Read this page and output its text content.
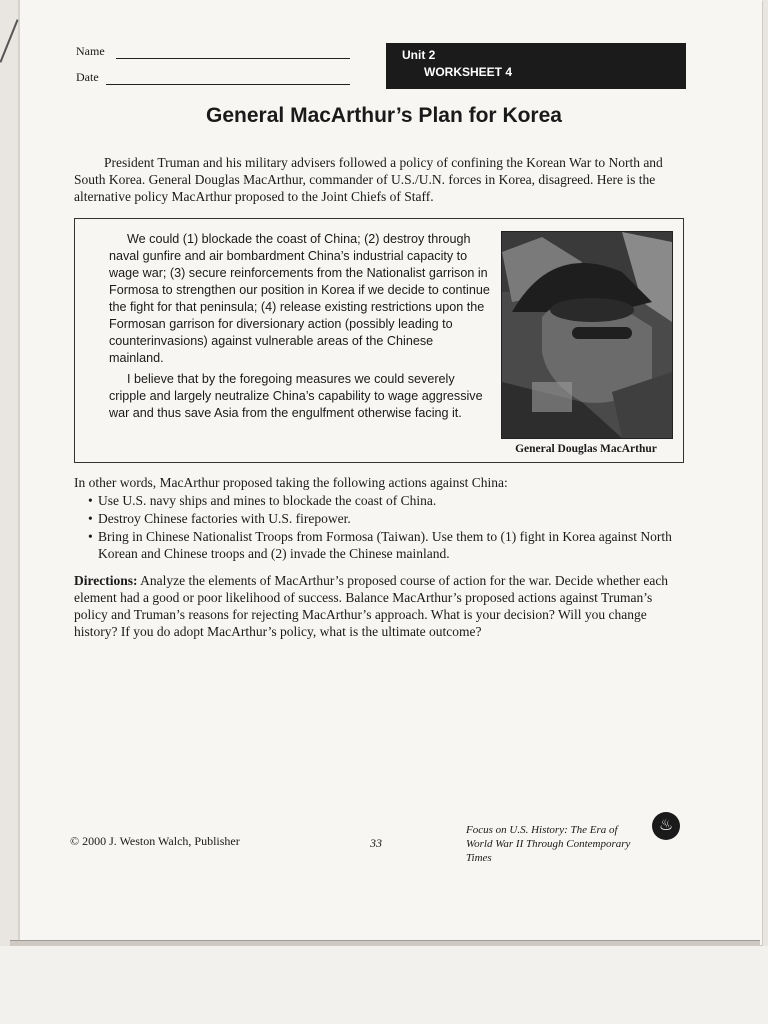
Name
Date
Unit 2
WORKSHEET 4
General MacArthur’s Plan for Korea

President Truman and his military advisers followed a policy of confining the Korean War to North and South Korea. General Douglas MacArthur, commander of U.S./U.N. forces in Korea, disagreed. Here is the alternative policy MacArthur proposed to the Joint Chiefs of Staff.

We could (1) blockade the coast of China; (2) destroy through naval gunfire and air bombardment China’s industrial capacity to wage war; (3) secure reinforcements from the Nationalist garrison in Formosa to strengthen our position in Korea if we decide to continue the fight for that peninsula; (4) release existing restrictions upon the Formosan garrison for diversionary action (possibly leading to counterinvasions) against vulnerable areas of the Chinese mainland.

I believe that by the foregoing measures we could severely cripple and largely neutralize China’s capability to wage aggressive war and thus save Asia from the engulfment otherwise facing it.

General Douglas MacArthur
In other words, MacArthur proposed taking the following actions against China:
• Use U.S. navy ships and mines to blockade the coast of China.
• Destroy Chinese factories with U.S. firepower.
• Bring in Chinese Nationalist Troops from Formosa (Taiwan). Use them to (1) fight in Korea against North Korean and Chinese troops and (2) invade the Chinese mainland.

Directions: Analyze the elements of MacArthur’s proposed course of action for the war. Decide whether each element had a good or poor likelihood of success. Balance MacArthur’s proposed actions against Truman’s policy and Truman’s reasons for rejecting MacArthur’s approach. What is your decision? Will you change history? If you do adopt MacArthur’s policy, what is the ultimate outcome?

© 2000 J. Weston Walch, Publisher	33
Focus on U.S. History: The Era of
World War II Through Contemporary Times
♨
